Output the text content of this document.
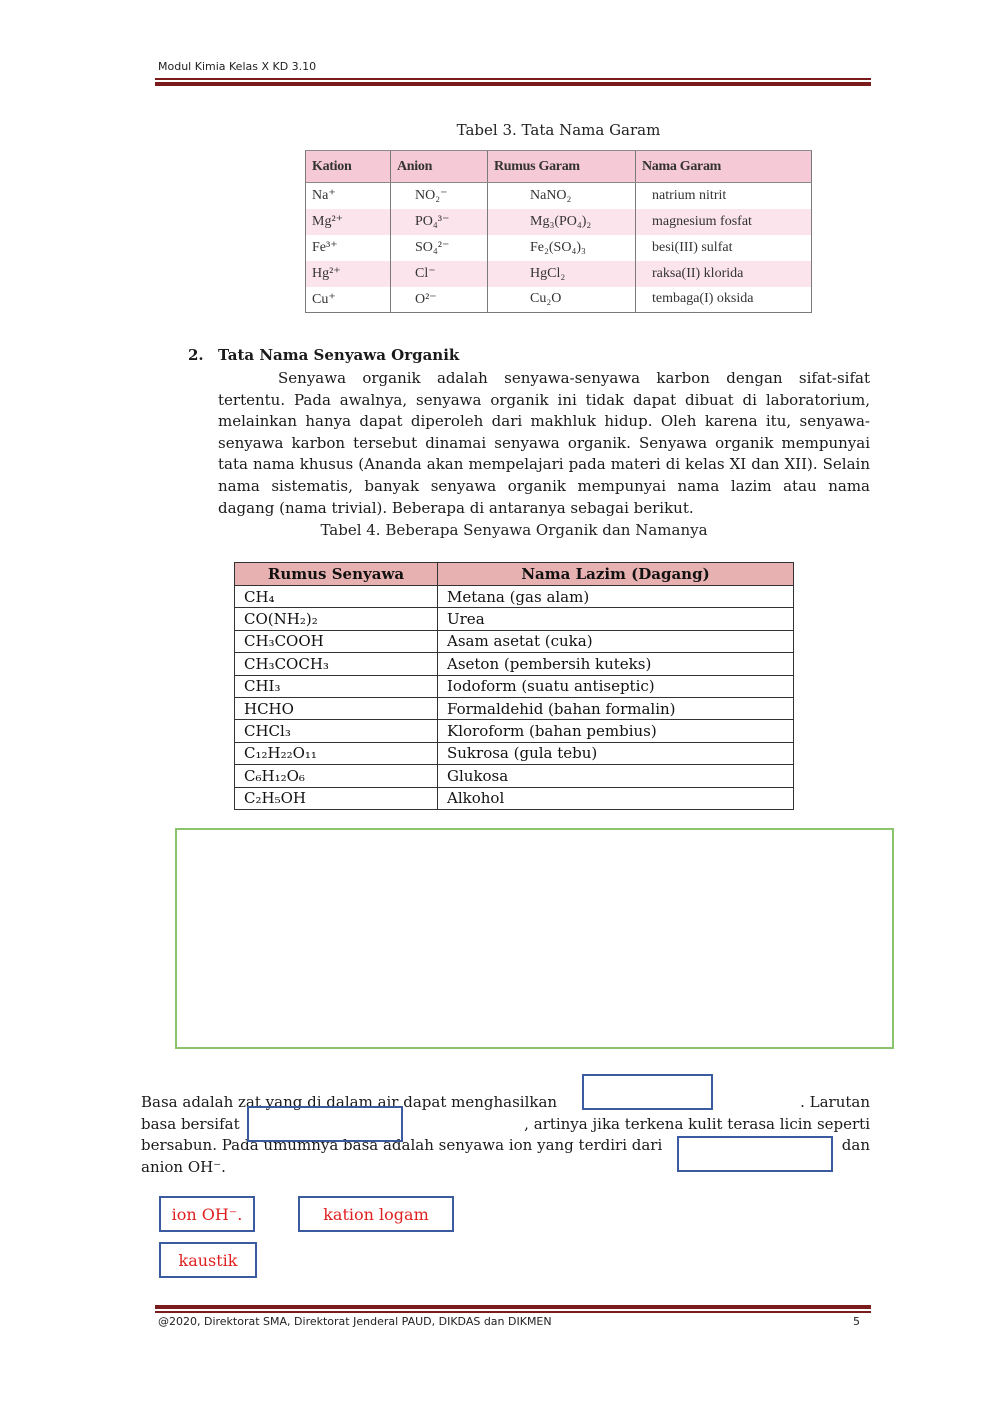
Modul Kimia Kelas X KD 3.10
Tabel 3. Tata Nama Garam
Kation	Anion	Rumus Garam	Nama Garam
Na⁺	NO₂⁻	NaNO₂	natrium nitrit
Mg²⁺	PO₄³⁻	Mg₃(PO₄)₂	magnesium fosfat
Fe³⁺	SO₄²⁻	Fe₂(SO₄)₃	besi(III) sulfat
Hg²⁺	Cl⁻	HgCl₂	raksa(II) klorida
Cu⁺	O²⁻	Cu₂O	tembaga(I) oksida
2. Tata Nama Senyawa Organik
Senyawa organik adalah senyawa-senyawa karbon dengan sifat-sifat tertentu. Pada awalnya, senyawa organik ini tidak dapat dibuat di laboratorium, melainkan hanya dapat diperoleh dari makhluk hidup. Oleh karena itu, senyawa-senyawa karbon tersebut dinamai senyawa organik. Senyawa organik mempunyai tata nama khusus (Ananda akan mempelajari pada materi di kelas XI dan XII). Selain nama sistematis, banyak senyawa organik mempunyai nama lazim atau nama dagang (nama trivial). Beberapa di antaranya sebagai berikut.
Tabel 4. Beberapa Senyawa Organik dan Namanya
Rumus Senyawa	Nama Lazim (Dagang)
CH₄	Metana (gas alam)
CO(NH₂)₂	Urea
CH₃COOH	Asam asetat (cuka)
CH₃COCH₃	Aseton (pembersih kuteks)
CHI₃	Iodoform (suatu antiseptic)
HCHO	Formaldehid (bahan formalin)
CHCl₃	Kloroform (bahan pembius)
C₁₂H₂₂O₁₁	Sukrosa (gula tebu)
C₆H₁₂O₆	Glukosa
C₂H₅OH	Alkohol
Basa adalah zat yang di dalam air dapat menghasilkan	. Larutan
basa bersifat	, artinya jika terkena kulit terasa licin seperti
bersabun. Pada umumnya basa adalah senyawa ion yang terdiri dari	dan
anion OH⁻.
ion OH⁻.	kation logam
kaustik
@2020, Direktorat SMA, Direktorat Jenderal PAUD, DIKDAS dan DIKMEN	5
